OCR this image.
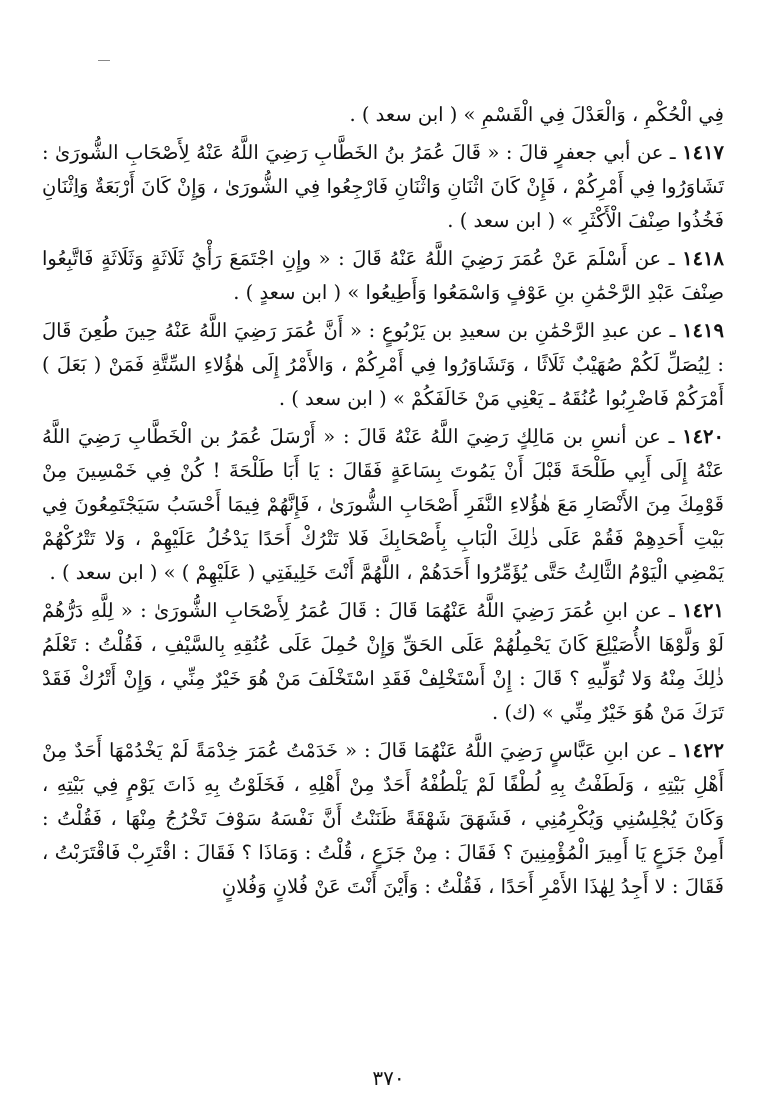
فِي الْحُكْمِ ، وَالْعَدْلَ فِي الْقَسْمِ » ( ابن سعد ) .

١٤١٧ ـ عن أبي جعفرٍ قالَ : « قَالَ عُمَرُ بنُ الخَطَّابِ رَضِيَ اللَّهُ عَنْهُ لِأَصْحَابِ الشُّورَىٰ : تَشَاوَرُوا فِي أَمْرِكُمْ ، فَإِنْ كَانَ اثْنَانِ وَاثْنَانِ فَارْجِعُوا فِي الشُّورَىٰ ، وَإِنْ كَانَ أَرْبَعَةٌ وَاِثْنَانِ فَخُذُوا صِنْفَ الْأَكْثَرِ » ( ابن سعد ) .

١٤١٨ ـ عن أَسْلَمَ عَنْ عُمَرَ رَضِيَ اللَّهُ عَنْهُ قَالَ : « وإِنِ اجْتَمَعَ رَأْيُ ثَلَاثَةٍ وَثَلَاثَةٍ فَاتَّبِعُوا صِنْفَ عَبْدِ الرَّحْمَٰنِ بنِ عَوْفٍ وَاسْمَعُوا وَأَطِيعُوا » ( ابن سعدٍ ) .

١٤١٩ ـ عن عبدِ الرَّحْمَٰنِ بن سعيدِ بن يَرْبُوعٍ : « أَنَّ عُمَرَ رَضِيَ اللَّهُ عَنْهُ حِينَ طُعِنَ قَالَ : لِيُصَلِّ لَكُمْ صُهَيْبٌ ثَلَاثًا ، وَتَشَاوَرُوا فِي أَمْرِكُمْ ، وَالأَمْرُ إِلَى هٰؤُلاءِ السِّتَّةِ فَمَنْ ( بَعَلَ ) أَمْرَكُمْ فَاضْرِبُوا عُنُقَهُ ـ يَعْنِي مَنْ خَالَفَكُمْ » ( ابن سعد ) .

١٤٢٠ ـ عن أنسِ بن مَالِكٍ رَضِيَ اللَّهُ عَنْهُ قَالَ : « أَرْسَلَ عُمَرُ بن الْخَطَّابِ رَضِيَ اللَّهُ عَنْهُ إِلَى أَبِي طَلْحَةَ قَبْلَ أَنْ يَمُوتَ بِسَاعَةٍ فَقَالَ : يَا أَبَا طَلْحَةَ ! كُنْ فِي خَمْسِينَ مِنْ قَوْمِكَ مِنَ الأَنْصَارِ مَعَ هٰؤُلاءِ النَّفَرِ أَصْحَابِ الشُّورَىٰ ، فَإِنَّهُمْ فِيمَا أَحْسَبُ سَيَجْتَمِعُونَ فِي بَيْتِ أَحَدِهِمْ فَقُمْ عَلَى ذٰلِكَ الْبَابِ بِأَصْحَابِكَ فَلا تَتْرُكْ أَحَدًا يَدْخُلُ عَلَيْهِمْ ، وَلا تَتْرُكْهُمْ يَمْضِي الْيَوْمُ الثَّالِثُ حَتَّى يُؤَمِّرُوا أَحَدَهُمْ ، اللَّهُمَّ أَنْتَ خَلِيفَتِي ( عَلَيْهِمْ ) » ( ابن سعد ) .

١٤٢١ ـ عن ابنِ عُمَرَ رَضِيَ اللَّهُ عَنْهُمَا قَالَ : قَالَ عُمَرُ لِأَصْحَابِ الشُّورَىٰ : « لِلَّهِ دَرُّهُمْ لَوْ وَلَّوْهَا الأُصَيْلِعَ كَانَ يَحْمِلُهُمْ عَلَى الحَقِّ وَإِنْ حُمِلَ عَلَى عُنُقِهِ بِالسَّيْفِ ، فَقُلْتُ : تَعْلَمُ ذٰلِكَ مِنْهُ وَلا تُوَلِّيهِ ؟ قَالَ : إِنْ أَسْتَخْلِفْ فَقَدِ اسْتَخْلَفَ مَنْ هُوَ خَيْرٌ مِنِّي ، وَإِنْ أَتْرُكْ فَقَدْ تَرَكَ مَنْ هُوَ خَيْرٌ مِنِّي » (ك) .

١٤٢٢ ـ عن ابنِ عَبَّاسٍ رَضِيَ اللَّهُ عَنْهُمَا قَالَ : « خَدَمْتُ عُمَرَ خِدْمَةً لَمْ يَخْدُمْهَا أَحَدٌ مِنْ أَهْلِ بَيْتِهِ ، وَلَطَفْتُ بِهِ لُطْفًا لَمْ يَلْطُفْهُ أَحَدٌ مِنْ أَهْلِهِ ، فَخَلَوْتُ بِهِ ذَاتَ يَوْمٍ فِي بَيْتِهِ ، وَكَانَ يُجْلِسُنِي وَيُكْرِمُنِي ، فَشَهَقَ شَهْقَةً ظَنَنْتُ أَنَّ نَفْسَهُ سَوْفَ تَخْرُجُ مِنْهَا ، فَقُلْتُ : أَمِنْ جَزَعٍ يَا أَمِيرَ الْمُؤْمِنِينَ ؟ فَقَالَ : مِنْ جَزَعٍ ، قُلْتُ : وَمَاذَا ؟ فَقَالَ : اقْتَرِبْ فَاقْتَرَبْتُ ، فَقَالَ : لا أَجِدُ لِهٰذَا الأَمْرِ أَحَدًا ، فَقُلْتُ : وَأَيْنَ أَنْتَ عَنْ فُلانٍ وَفُلانٍ

٣٧٠
